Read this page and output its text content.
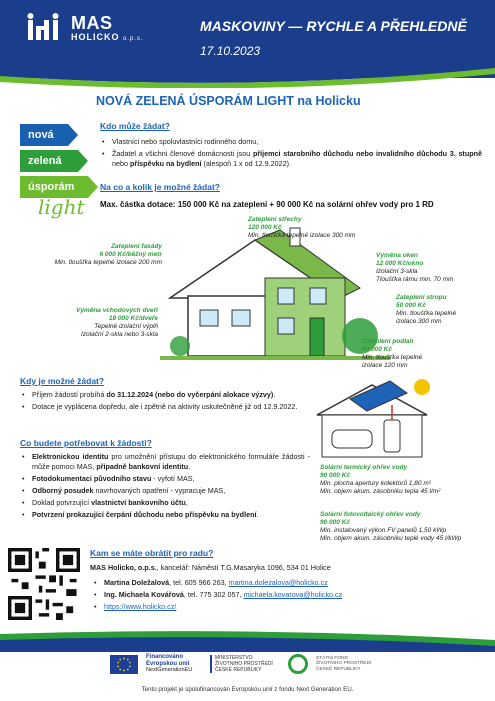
MAS
HOLICKO o.p.s.
MASKOVINY — RYCHLE A PŘEHLEDNĚ
17.10.2023
NOVÁ ZELENÁ ÚSPORÁM LIGHT na Holicku
nová
zelená
úsporám
light
Kdo může žádat?
• Vlastníci nebo spoluvlastníci rodinného domu,
• Žadatel a všichni členové domácnosti jsou příjemci starobního důchodu nebo invalidního důchodu 3. stupně nebo příspěvku na bydlení (alespoň 1 x od 12.9.2022).
Na co a kolik je možné žádat?
Max. částka dotace: 150 000 Kč na zateplení + 90 000 Kč na solární ohřev vody pro 1 RD
Zateplení střechy
120 000 Kč
Min. tloušťka tepelné izolace 300 mm
Zateplení fasády
6 000 Kč/běžný metr
Min. tloušťka tepelné izolace 200 mm
Výměna oken
12 000 Kč/okno
Izolační 3-skla
Tloušťka rámu min. 70 mm
Výměna vchodových dveří
18 000 Kč/dveře
Tepelně izolační výplň
Izolační 2-skla nebo 3-skla
Zateplení stropu
50 000 Kč
Min. tloušťka tepelné
izolace 300 mm
Zateplení podlah
60 000 Kč
Min. tloušťka tepelné
izolace 120 mm
Kdy je možné žádat?
• Příjem žádostí probíhá do 31.12.2024 (nebo do vyčerpání alokace výzvy).
• Dotace je vyplácena dopředu, ale i zpětně na aktivity uskutečněné již od 12.9.2022.
Co budete potřebovat k žádosti?
• Elektronickou identitu pro umožnění přístupu do elektronického formuláře žádosti - může pomoci MAS, případně bankovní identitu,
• Fotodokumentaci původního stavu - vyfotí MAS,
• Odborný posudek navrhovaných opatření - vypracuje MAS,
• Doklad potvrzující vlastnictví bankovního účtu,
• Potvrzení prokazující čerpání důchodu nebo příspěvku na bydlení.
Solární termický ohřev vody
90 000 Kč
Min. plocha apertury kolektorů 1,80 m²
Min. objem akum. zásobníku tepla 45 l/m²
Solární fotovoltaický ohřev vody
90 000 Kč
Min. instalovaný výkon FV panelů 1,50 kWp
Min. objem akum. zásobníku teplé vody 45 l/kWp
Kam se máte obrátit pro radu?
MAS Holicko, o.p.s., kancelář: Náměstí T.G.Masaryka 1096, 534 01 Holice
• Martina Doležalová, tel. 605 966 263, martina.dolezalova@holicko.cz
• Ing. Michaela Kovářová, tel. 775 302 057, michaela.kovarova@holicko.cz
• https://www.holicko.cz/
Financováno
Evropskou unií
NextGenerationEU
MINISTERSTVO
ŽIVOTNÍHO PROSTŘEDÍ
ČESKÉ REPUBLIKY
STÁTNÍ FOND
ŽIVOTNÍHO PROSTŘEDÍ
ČESKÉ REPUBLIKY
Tento projekt je spolufinancován Evropskou unií z fondu Next Generation EU.
